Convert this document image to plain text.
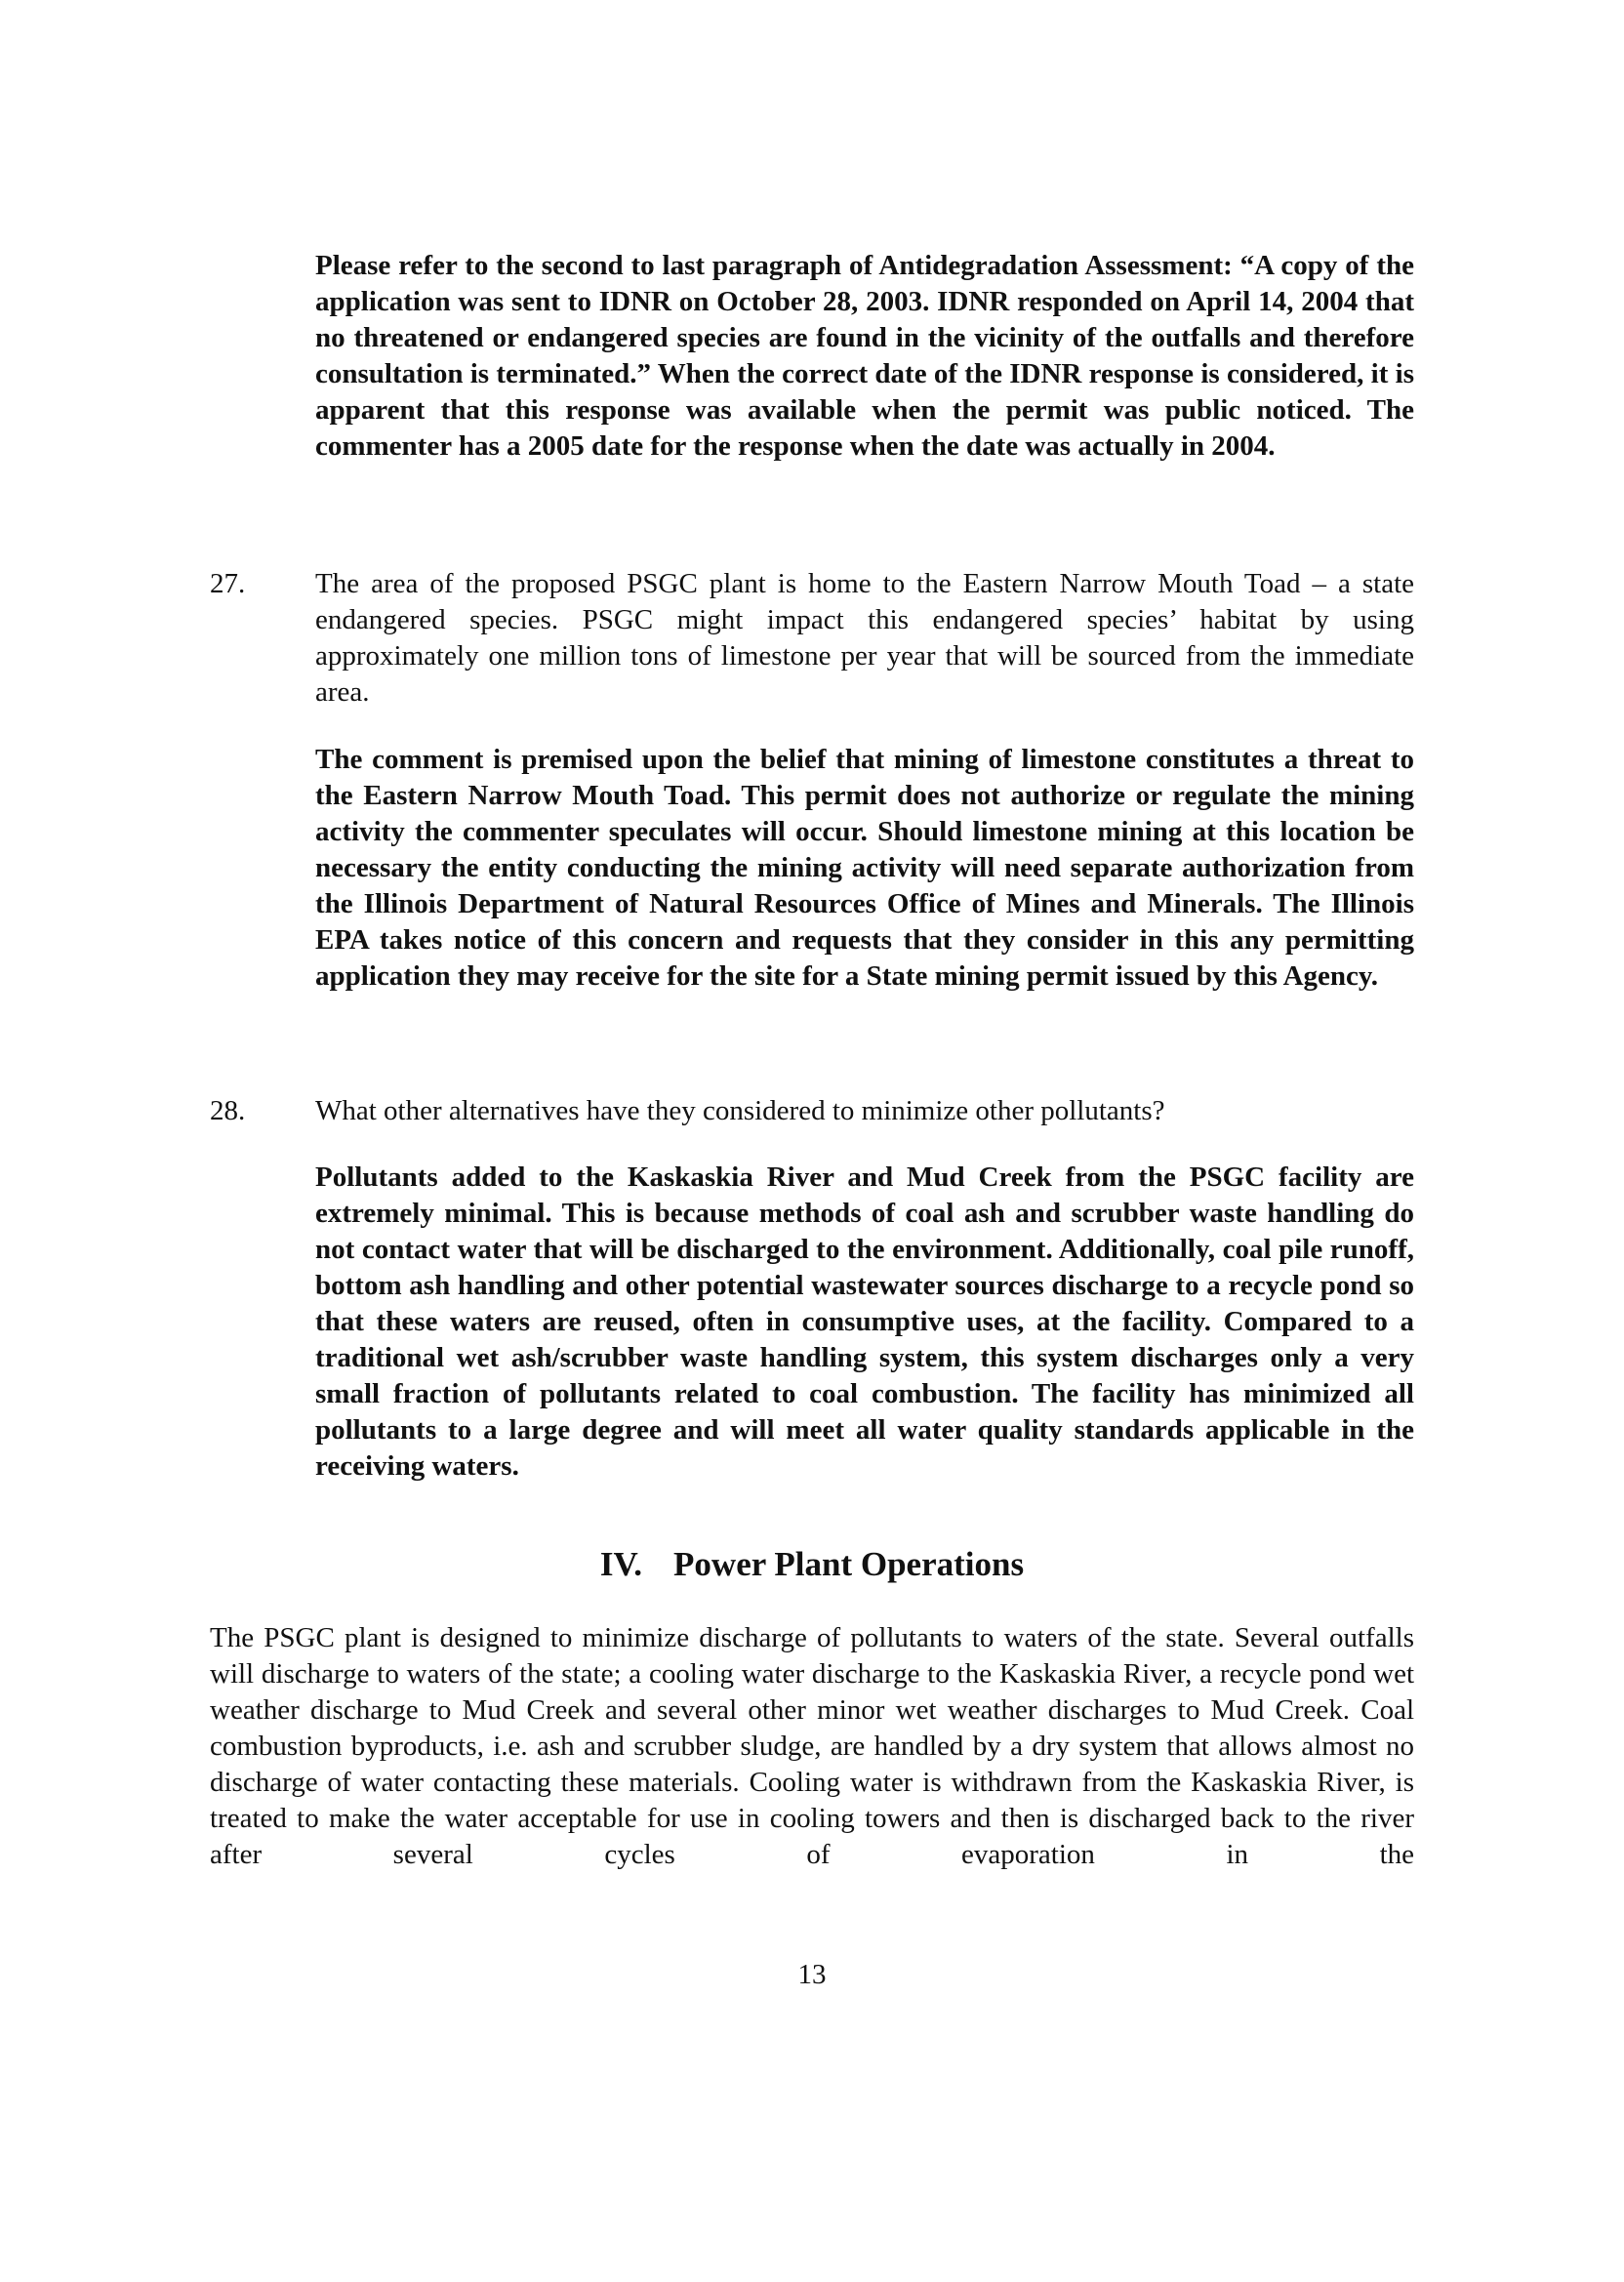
Please refer to the second to last paragraph of Antidegradation Assessment: “A copy of the application was sent to IDNR on October 28, 2003. IDNR responded on April 14, 2004 that no threatened or endangered species are found in the vicinity of the outfalls and therefore consultation is terminated.” When the correct date of the IDNR response is considered, it is apparent that this response was available when the permit was public noticed. The commenter has a 2005 date for the response when the date was actually in 2004.

27. The area of the proposed PSGC plant is home to the Eastern Narrow Mouth Toad – a state endangered species. PSGC might impact this endangered species’ habitat by using approximately one million tons of limestone per year that will be sourced from the immediate area.

The comment is premised upon the belief that mining of limestone constitutes a threat to the Eastern Narrow Mouth Toad. This permit does not authorize or regulate the mining activity the commenter speculates will occur. Should limestone mining at this location be necessary the entity conducting the mining activity will need separate authorization from the Illinois Department of Natural Resources Office of Mines and Minerals. The Illinois EPA takes notice of this concern and requests that they consider in this any permitting application they may receive for the site for a State mining permit issued by this Agency.

28. What other alternatives have they considered to minimize other pollutants?

Pollutants added to the Kaskaskia River and Mud Creek from the PSGC facility are extremely minimal. This is because methods of coal ash and scrubber waste handling do not contact water that will be discharged to the environment. Additionally, coal pile runoff, bottom ash handling and other potential wastewater sources discharge to a recycle pond so that these waters are reused, often in consumptive uses, at the facility. Compared to a traditional wet ash/scrubber waste handling system, this system discharges only a very small fraction of pollutants related to coal combustion. The facility has minimized all pollutants to a large degree and will meet all water quality standards applicable in the receiving waters.

IV. Power Plant Operations

The PSGC plant is designed to minimize discharge of pollutants to waters of the state. Several outfalls will discharge to waters of the state; a cooling water discharge to the Kaskaskia River, a recycle pond wet weather discharge to Mud Creek and several other minor wet weather discharges to Mud Creek. Coal combustion byproducts, i.e. ash and scrubber sludge, are handled by a dry system that allows almost no discharge of water contacting these materials. Cooling water is withdrawn from the Kaskaskia River, is treated to make the water acceptable for use in cooling towers and then is discharged back to the river after several cycles of evaporation in the

13
